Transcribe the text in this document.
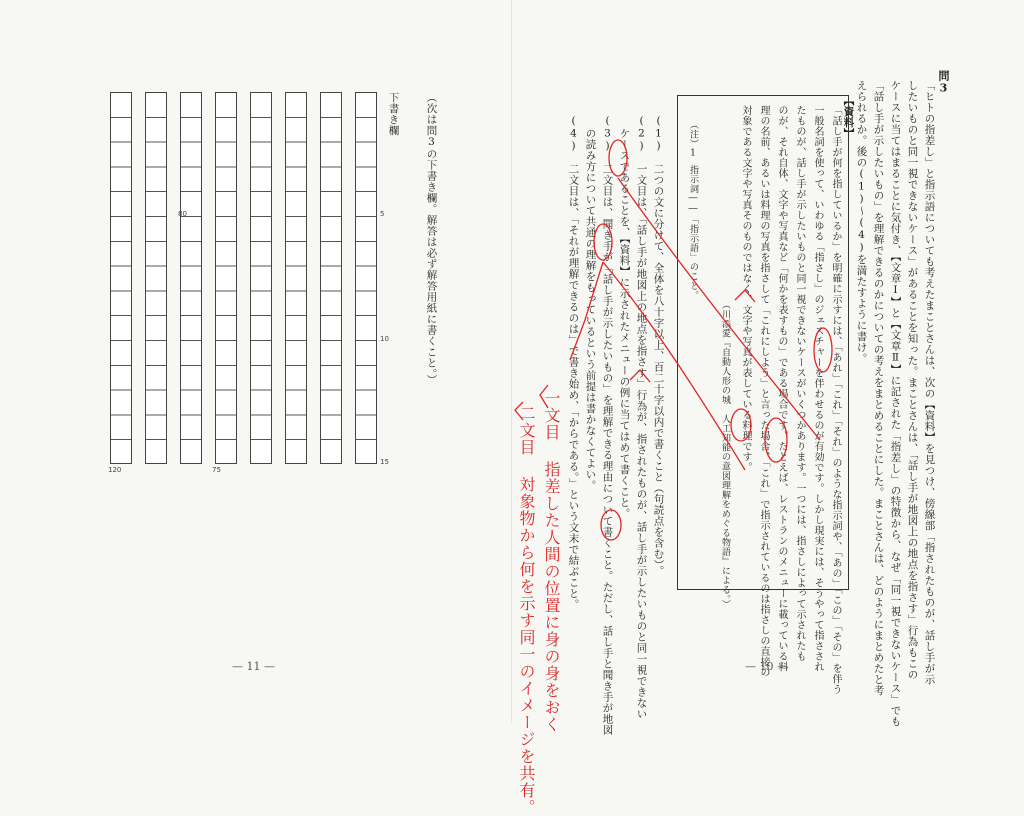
問3
「ヒトの指差し」と指示語についても考えたまことさんは、次の【資料】を見つけ、傍線部「指されたものが、話し手が示
したいものと同一視できないケース」があることを知った。まことさんは、「話し手が地図上の地点を指さす」行為もこの
ケースに当てはまることに気付き、【文章Ⅰ】と【文章Ⅱ】に記された「指差し」の特徴から、なぜ「同一視できないケース」でも
「話し手が示したいもの」を理解できるのかについての考えをまとめることにした。まことさんは、どのようにまとめたと考
えられるか。後の(1)〜(4)を満たすように書け。
【資料】
「話し手が何を指しているか」を明確に示すには、「あれ」「これ」「それ」のような指示詞や、「あの」「この」「その」を伴う
一般名詞を使って、いわゆる「指さし」のジェスチャーを伴わせるのが有効です。しかし現実には、そうやって指さされ
たものが、話し手が示したいものと同一視できないケースがいくつかあります。一つには、指さしによって示されたも
のが、それ自体、文字や写真など「何かを表すもの」である場合です。たとえば、レストランのメニューに載っている料
理の名前、あるいは料理の写真を指さして「これにしよう」と言った場合、「これ」で指示されているのは指さしの直接の
対象である文字や写真そのものではなく、文字や写真が表している料理です。
（川添愛『自動人形の城　人工知能の意図理解をめぐる物語』による。）
（注）1
指示詞――「指示語」のこと。
(1)　二つの文に分けて、全体を八十字以上、百二十字以内で書くこと（句読点を含む）。
(2)　一文目は、「話し手が地図上の地点を指さす」行為が、指されたものが、話し手が示したいものと同一視できない
ケースであることを、【資料】に示されたメニューの例に当てはめて書くこと。
(3)　二文目は、聞き手が「話し手が示したいもの」を理解できる理由について書くこと。ただし、話し手と聞き手が地図
の読み方について共通の理解をもっているという前提は書かなくてよい。
(4)　二文目は、「それが理解できるのは」で書き始め、「からである。」という文末で結ぶこと。
— 10 —
（次は問3の下書き欄。解答は必ず解答用紙に書くこと。）
下書き欄
5
10
15
80
75
120
— 11 —	一文目 指差した人間の位置に身の身をおく
二文目 対象物から何を示す同一のイメージを共有。
